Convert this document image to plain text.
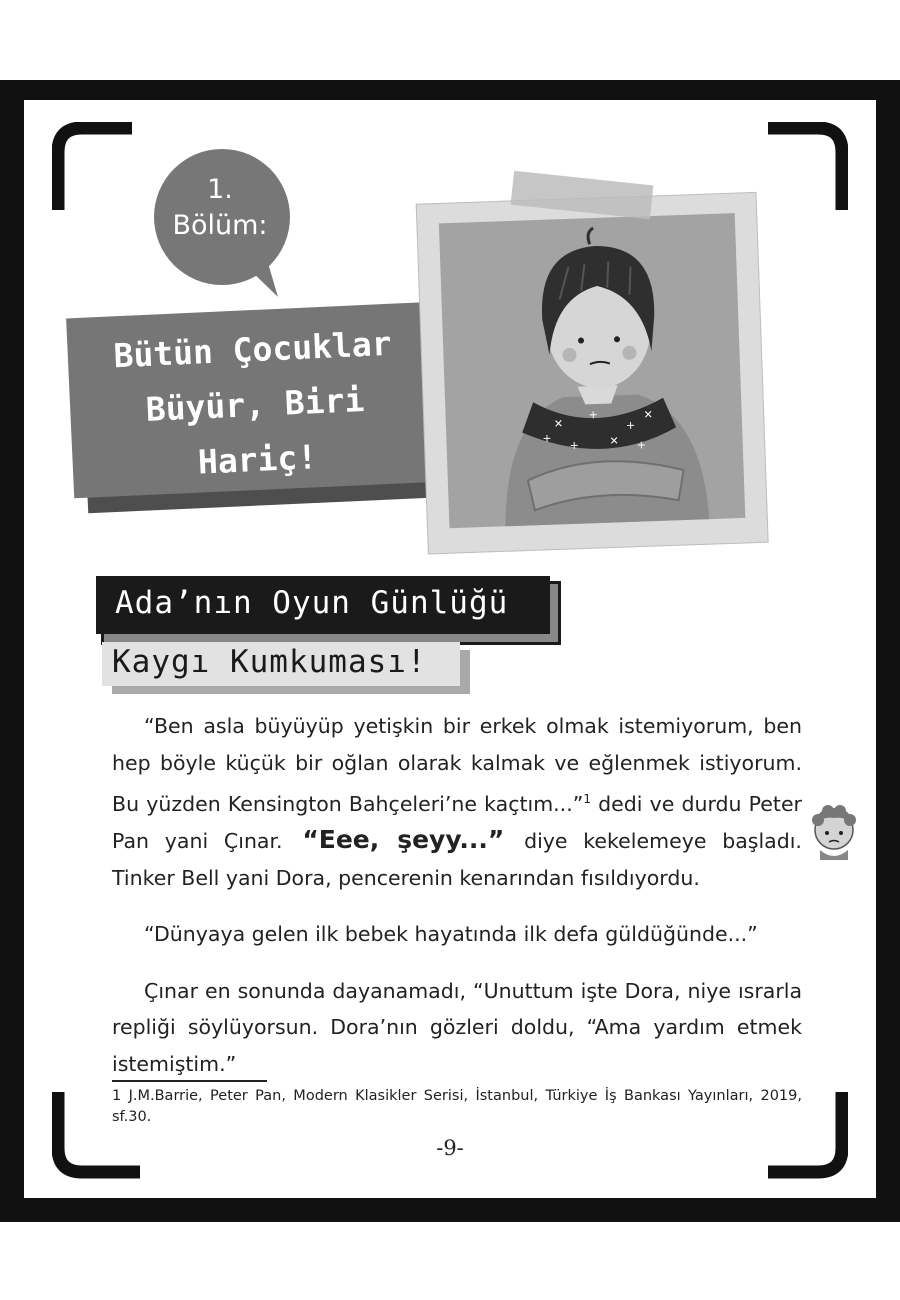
1.
Bölüm:
Bütün Çocuklar
Büyür, Biri
Hariç!
✕
+
+
+	✕
✕
+
+
Ada’nın Oyun Günlüğü
Kaygı Kumkuması!

“Ben asla büyüyüp yetişkin bir erkek olmak istemiyorum, ben hep böyle küçük bir oğlan olarak kalmak ve eğlenmek istiyorum. Bu yüzden Kensington Bahçeleri’ne kaçtım...”$^1$ dedi ve durdu Peter Pan yani Çınar. “Eee, şeyy...” diye kekelemeye başladı. Tinker Bell yani Dora, pencerenin kenarından fısıldıyordu.

“Dünyaya gelen ilk bebek hayatında ilk defa güldüğünde...”

Çınar en sonunda dayanamadı, “Unuttum işte Dora, niye ısrarla repliği söylüyorsun. Dora’nın gözleri doldu, “Ama yardım etmek istemiştim.”

1 J.M.Barrie, Peter Pan, Modern Klasikler Serisi, İstanbul, Türkiye İş Bankası Yayınları, 2019, sf.30.
-9-
